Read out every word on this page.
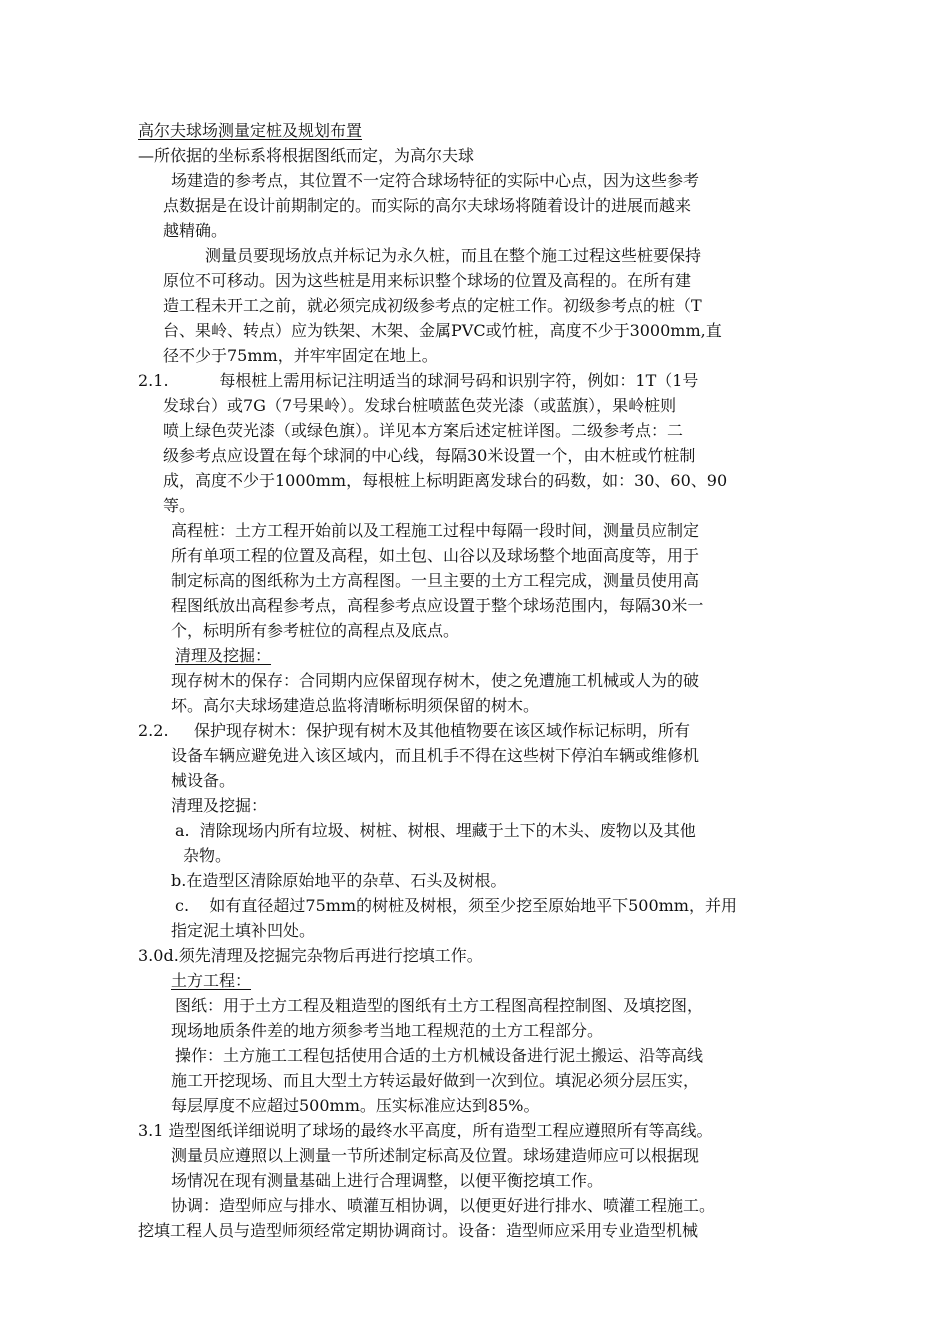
高尔夫球场测量定桩及规划布置
—所依据的坐标系将根据图纸而定，为高尔夫球
场建造的参考点，其位置不一定符合球场特征的实际中心点，因为这些参考
点数据是在设计前期制定的。而实际的高尔夫球场将随着设计的进展而越来
越精确。
测量员要现场放点并标记为永久桩，而且在整个施工过程这些桩要保持
原位不可移动。因为这些桩是用来标识整个球场的位置及高程的。在所有建
造工程未开工之前，就必须完成初级参考点的定桩工作。初级参考点的桩（T
台、果岭、转点）应为铁架、木架、金属PVC或竹桩，高度不少于3000mm,直
径不少于75mm，并牢牢固定在地上。
2.1.          每根桩上需用标记注明适当的球洞号码和识别字符，例如：1T（1号
发球台）或7G（7号果岭）。发球台桩喷蓝色荧光漆（或蓝旗），果岭桩则
喷上绿色荧光漆（或绿色旗）。详见本方案后述定桩详图。二级参考点：二
级参考点应设置在每个球洞的中心线，每隔30米设置一个，由木桩或竹桩制
成，高度不少于1000mm，每根桩上标明距离发球台的码数，如：30、60、90
等。
高程桩：土方工程开始前以及工程施工过程中每隔一段时间，测量员应制定
所有单项工程的位置及高程，如土包、山谷以及球场整个地面高度等，用于
制定标高的图纸称为土方高程图。一旦主要的土方工程完成，测量员使用高
程图纸放出高程参考点，高程参考点应设置于整个球场范围内，每隔30米一
个，标明所有参考桩位的高程点及底点。
清理及挖掘：
现存树木的保存：合同期内应保留现存树木，使之免遭施工机械或人为的破
坏。高尔夫球场建造总监将清晰标明须保留的树木。
2.2.     保护现存树木：保护现有树木及其他植物要在该区域作标记标明，所有
设备车辆应避免进入该区域内，而且机手不得在这些树下停泊车辆或维修机
械设备。
清理及挖掘：
a.  清除现场内所有垃圾、树桩、树根、埋藏于土下的木头、废物以及其他
杂物。
b.在造型区清除原始地平的杂草、石头及树根。
c.    如有直径超过75mm的树桩及树根，须至少挖至原始地平下500mm，并用
指定泥土填补凹处。
3.0d.须先清理及挖掘完杂物后再进行挖填工作。
土方工程：
图纸：用于土方工程及粗造型的图纸有土方工程图高程控制图、及填挖图，
现场地质条件差的地方须参考当地工程规范的土方工程部分。
操作：土方施工工程包括使用合适的土方机械设备进行泥土搬运、沿等高线
施工开挖现场、而且大型土方转运最好做到一次到位。填泥必须分层压实，
每层厚度不应超过500mm。压实标准应达到85%。
3.1 造型图纸详细说明了球场的最终水平高度，所有造型工程应遵照所有等高线。
测量员应遵照以上测量一节所述制定标高及位置。球场建造师应可以根据现
场情况在现有测量基础上进行合理调整，以便平衡挖填工作。
协调：造型师应与排水、喷灌互相协调，以便更好进行排水、喷灌工程施工。
挖填工程人员与造型师须经常定期协调商讨。设备：造型师应采用专业造型机械
